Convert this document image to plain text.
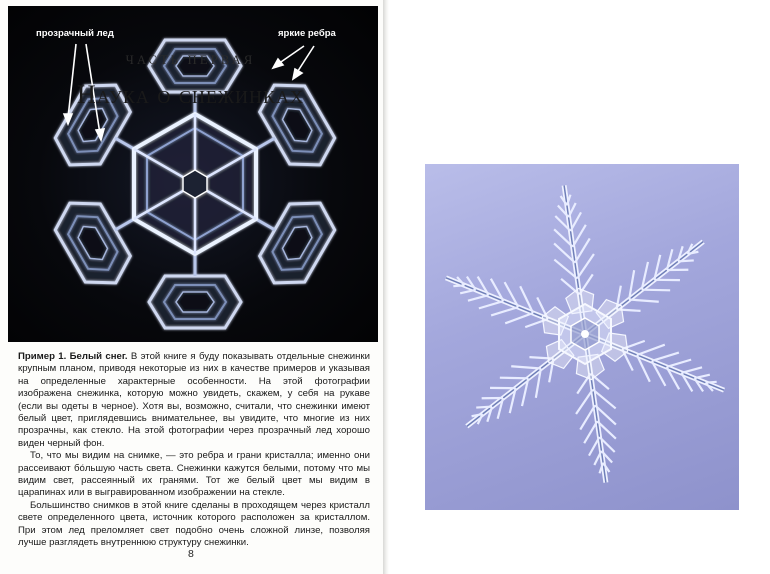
прозрачный лед	яркие ребра

Пример 1. Белый снег. В этой книге я буду показывать отдельные снежинки крупным планом, приводя некоторые из них в качестве примеров и указывая на определенные характерные особенности. На этой фотографии изображена снежинка, которую можно увидеть, скажем, у себя на рукаве (если вы одеты в черное). Хотя вы, возможно, считали, что снежинки имеют белый цвет, приглядевшись внимательнее, вы увидите, что многие из них прозрачны, как стекло. На этой фотографии через прозрачный лед хорошо виден черный фон.

То, что мы видим на снимке, — это ребра и грани кристалла; именно они рассеивают бóльшую часть света. Снежинки кажутся белыми, потому что мы видим свет, рассеянный их гранями. Тот же белый цвет мы видим в царапинах или в выгравированном изображении на стекле.

Большинство снимков в этой книге сделаны в проходящем через кристалл свете определенного цвета, источник которого расположен за кристаллом. При этом лед преломляет свет подобно очень сложной линзе, позволяя лучше разглядеть внутреннюю структуру снежинки.

8
ЧАСТЬ ПЕРВАЯ
Наука о снежинках
